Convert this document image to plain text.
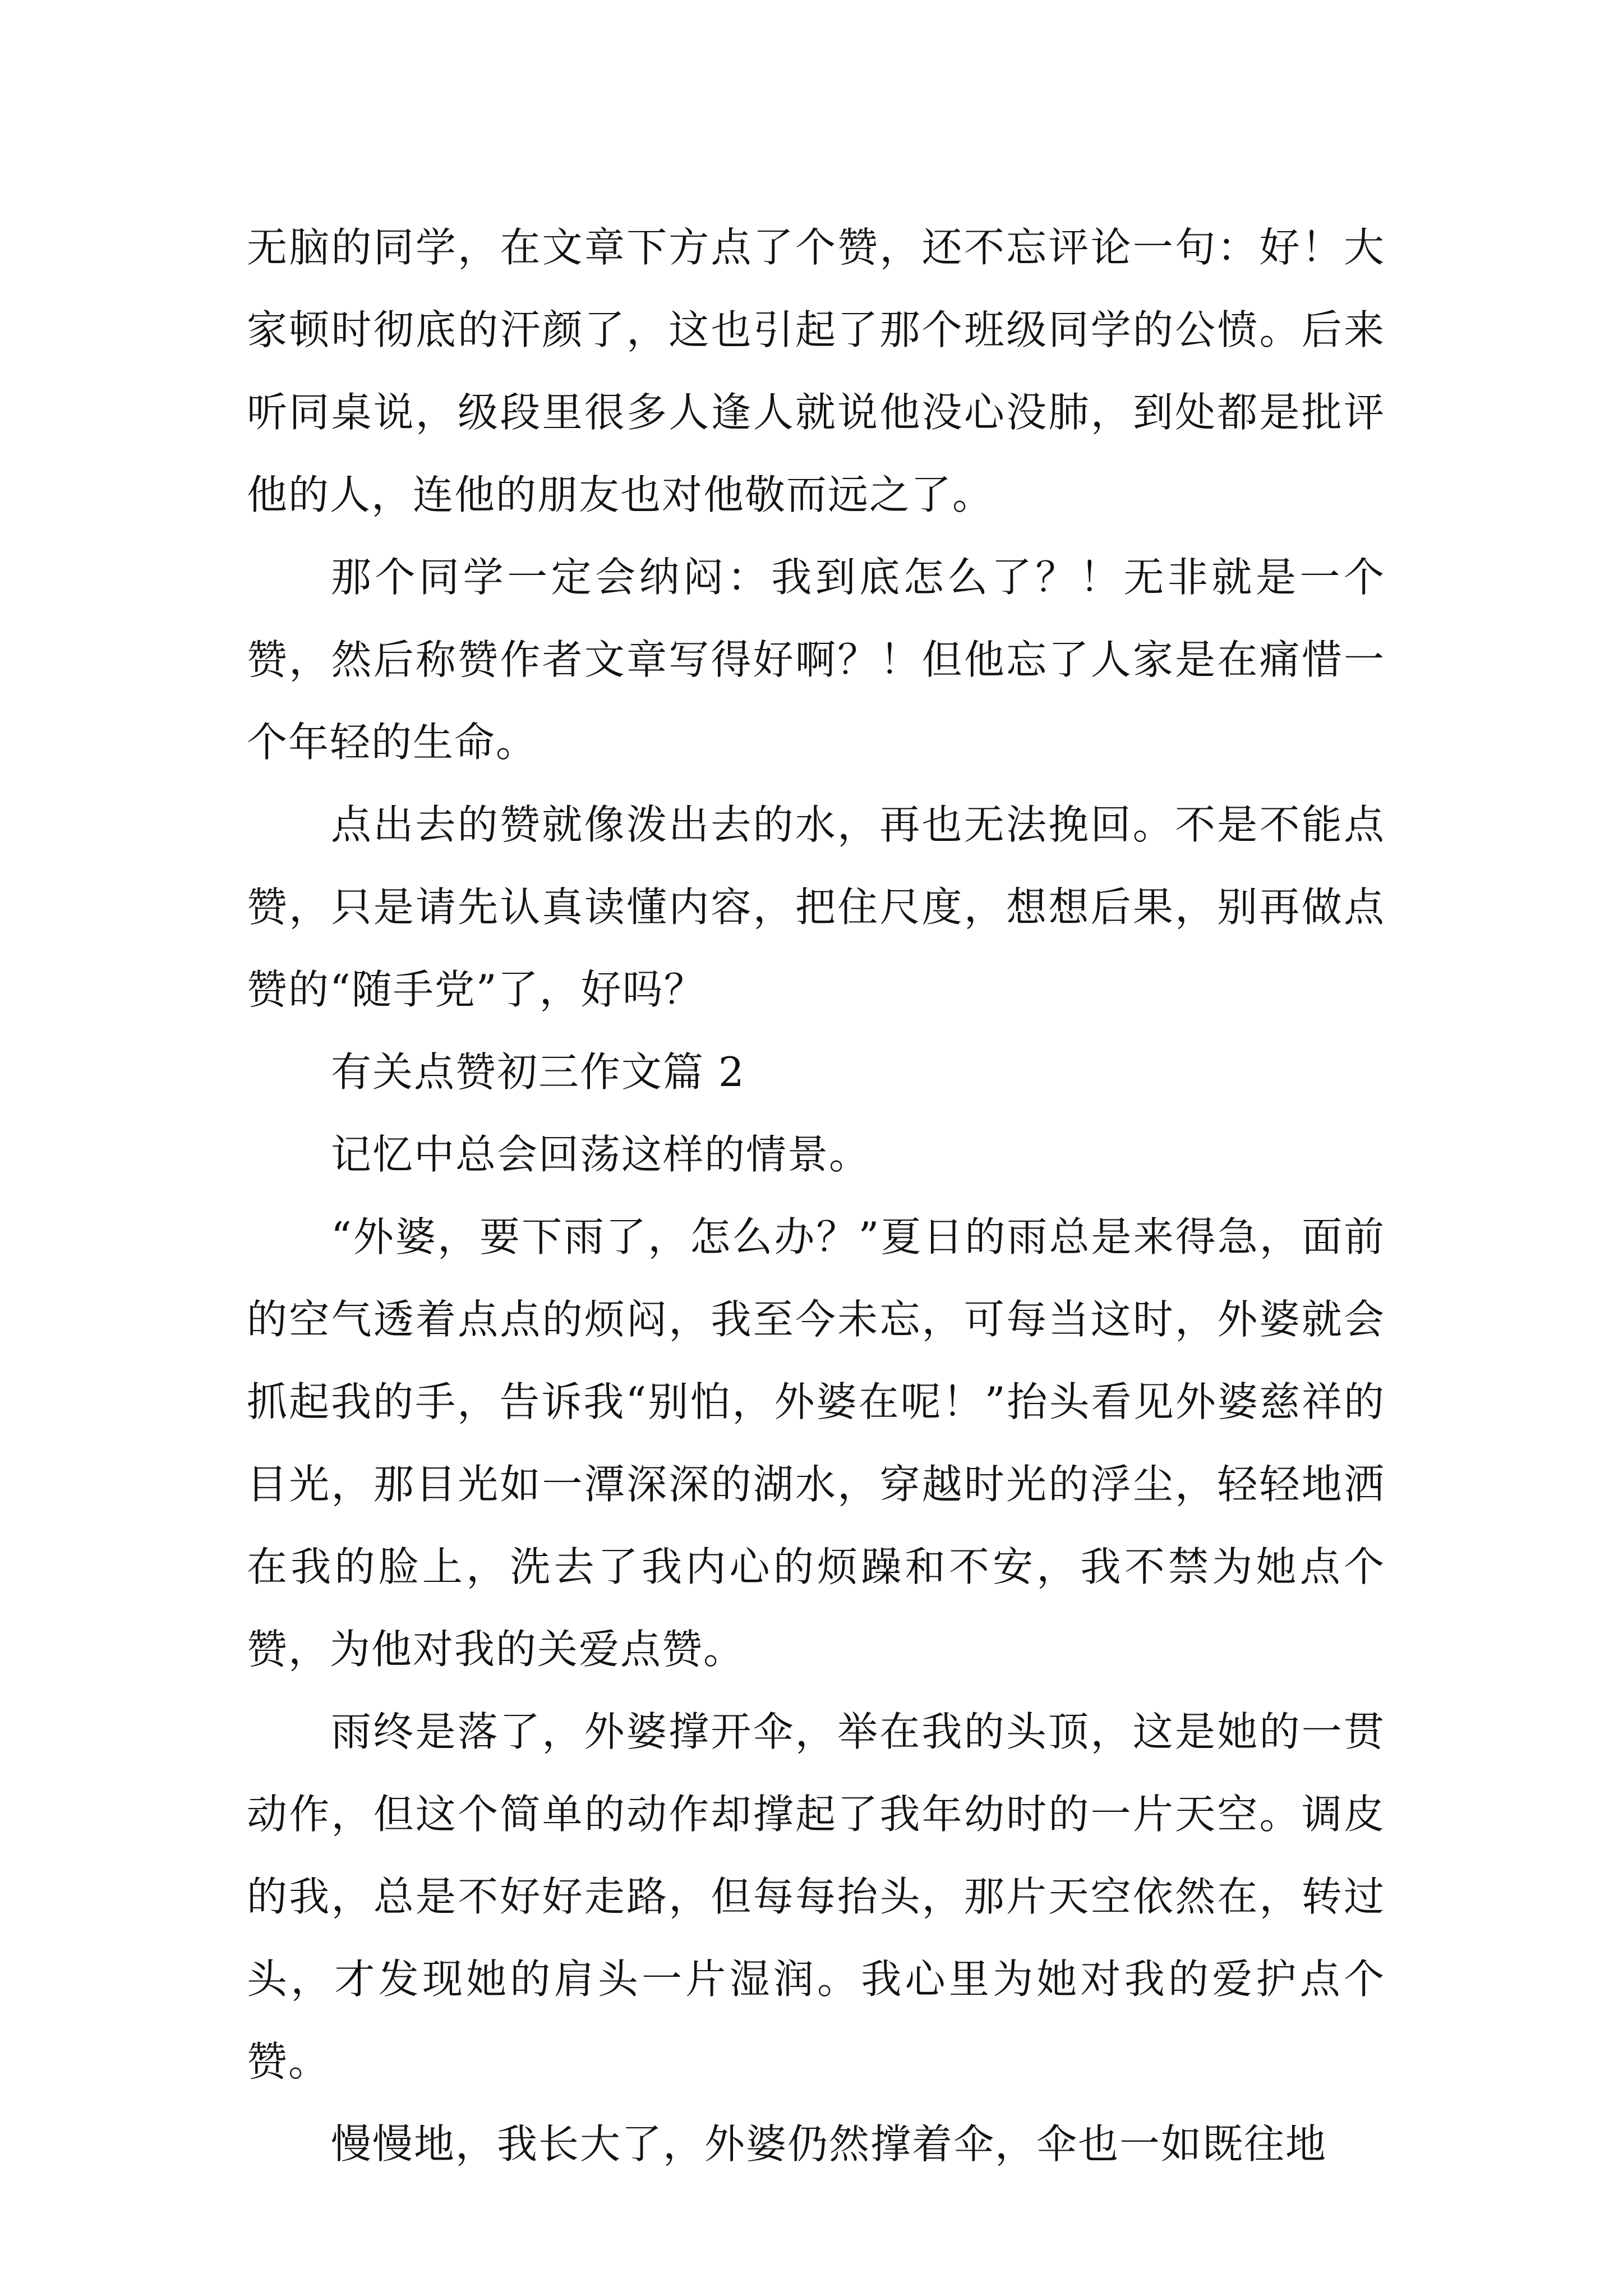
无脑的同学，在文章下方点了个赞，还不忘评论一句：好！大家顿时彻底的汗颜了，这也引起了那个班级同学的公愤。后来听同桌说，级段里很多人逢人就说他没心没肺，到处都是批评他的人，连他的朋友也对他敬而远之了。

那个同学一定会纳闷：我到底怎么了？！无非就是一个赞，然后称赞作者文章写得好啊？！但他忘了人家是在痛惜一个年轻的生命。

点出去的赞就像泼出去的水，再也无法挽回。不是不能点赞，只是请先认真读懂内容，把住尺度，想想后果，别再做点赞的“随手党”了，好吗？

有关点赞初三作文篇 2

记忆中总会回荡这样的情景。

“外婆，要下雨了，怎么办？”夏日的雨总是来得急，面前的空气透着点点的烦闷，我至今未忘，可每当这时，外婆就会抓起我的手，告诉我“别怕，外婆在呢！”抬头看见外婆慈祥的目光，那目光如一潭深深的湖水，穿越时光的浮尘，轻轻地洒在我的脸上，洗去了我内心的烦躁和不安，我不禁为她点个赞，为他对我的关爱点赞。

雨终是落了，外婆撑开伞，举在我的头顶，这是她的一贯动作，但这个简单的动作却撑起了我年幼时的一片天空。调皮的我，总是不好好走路，但每每抬头，那片天空依然在，转过头，才发现她的肩头一片湿润。我心里为她对我的爱护点个赞。

慢慢地，我长大了，外婆仍然撑着伞，伞也一如既往地
